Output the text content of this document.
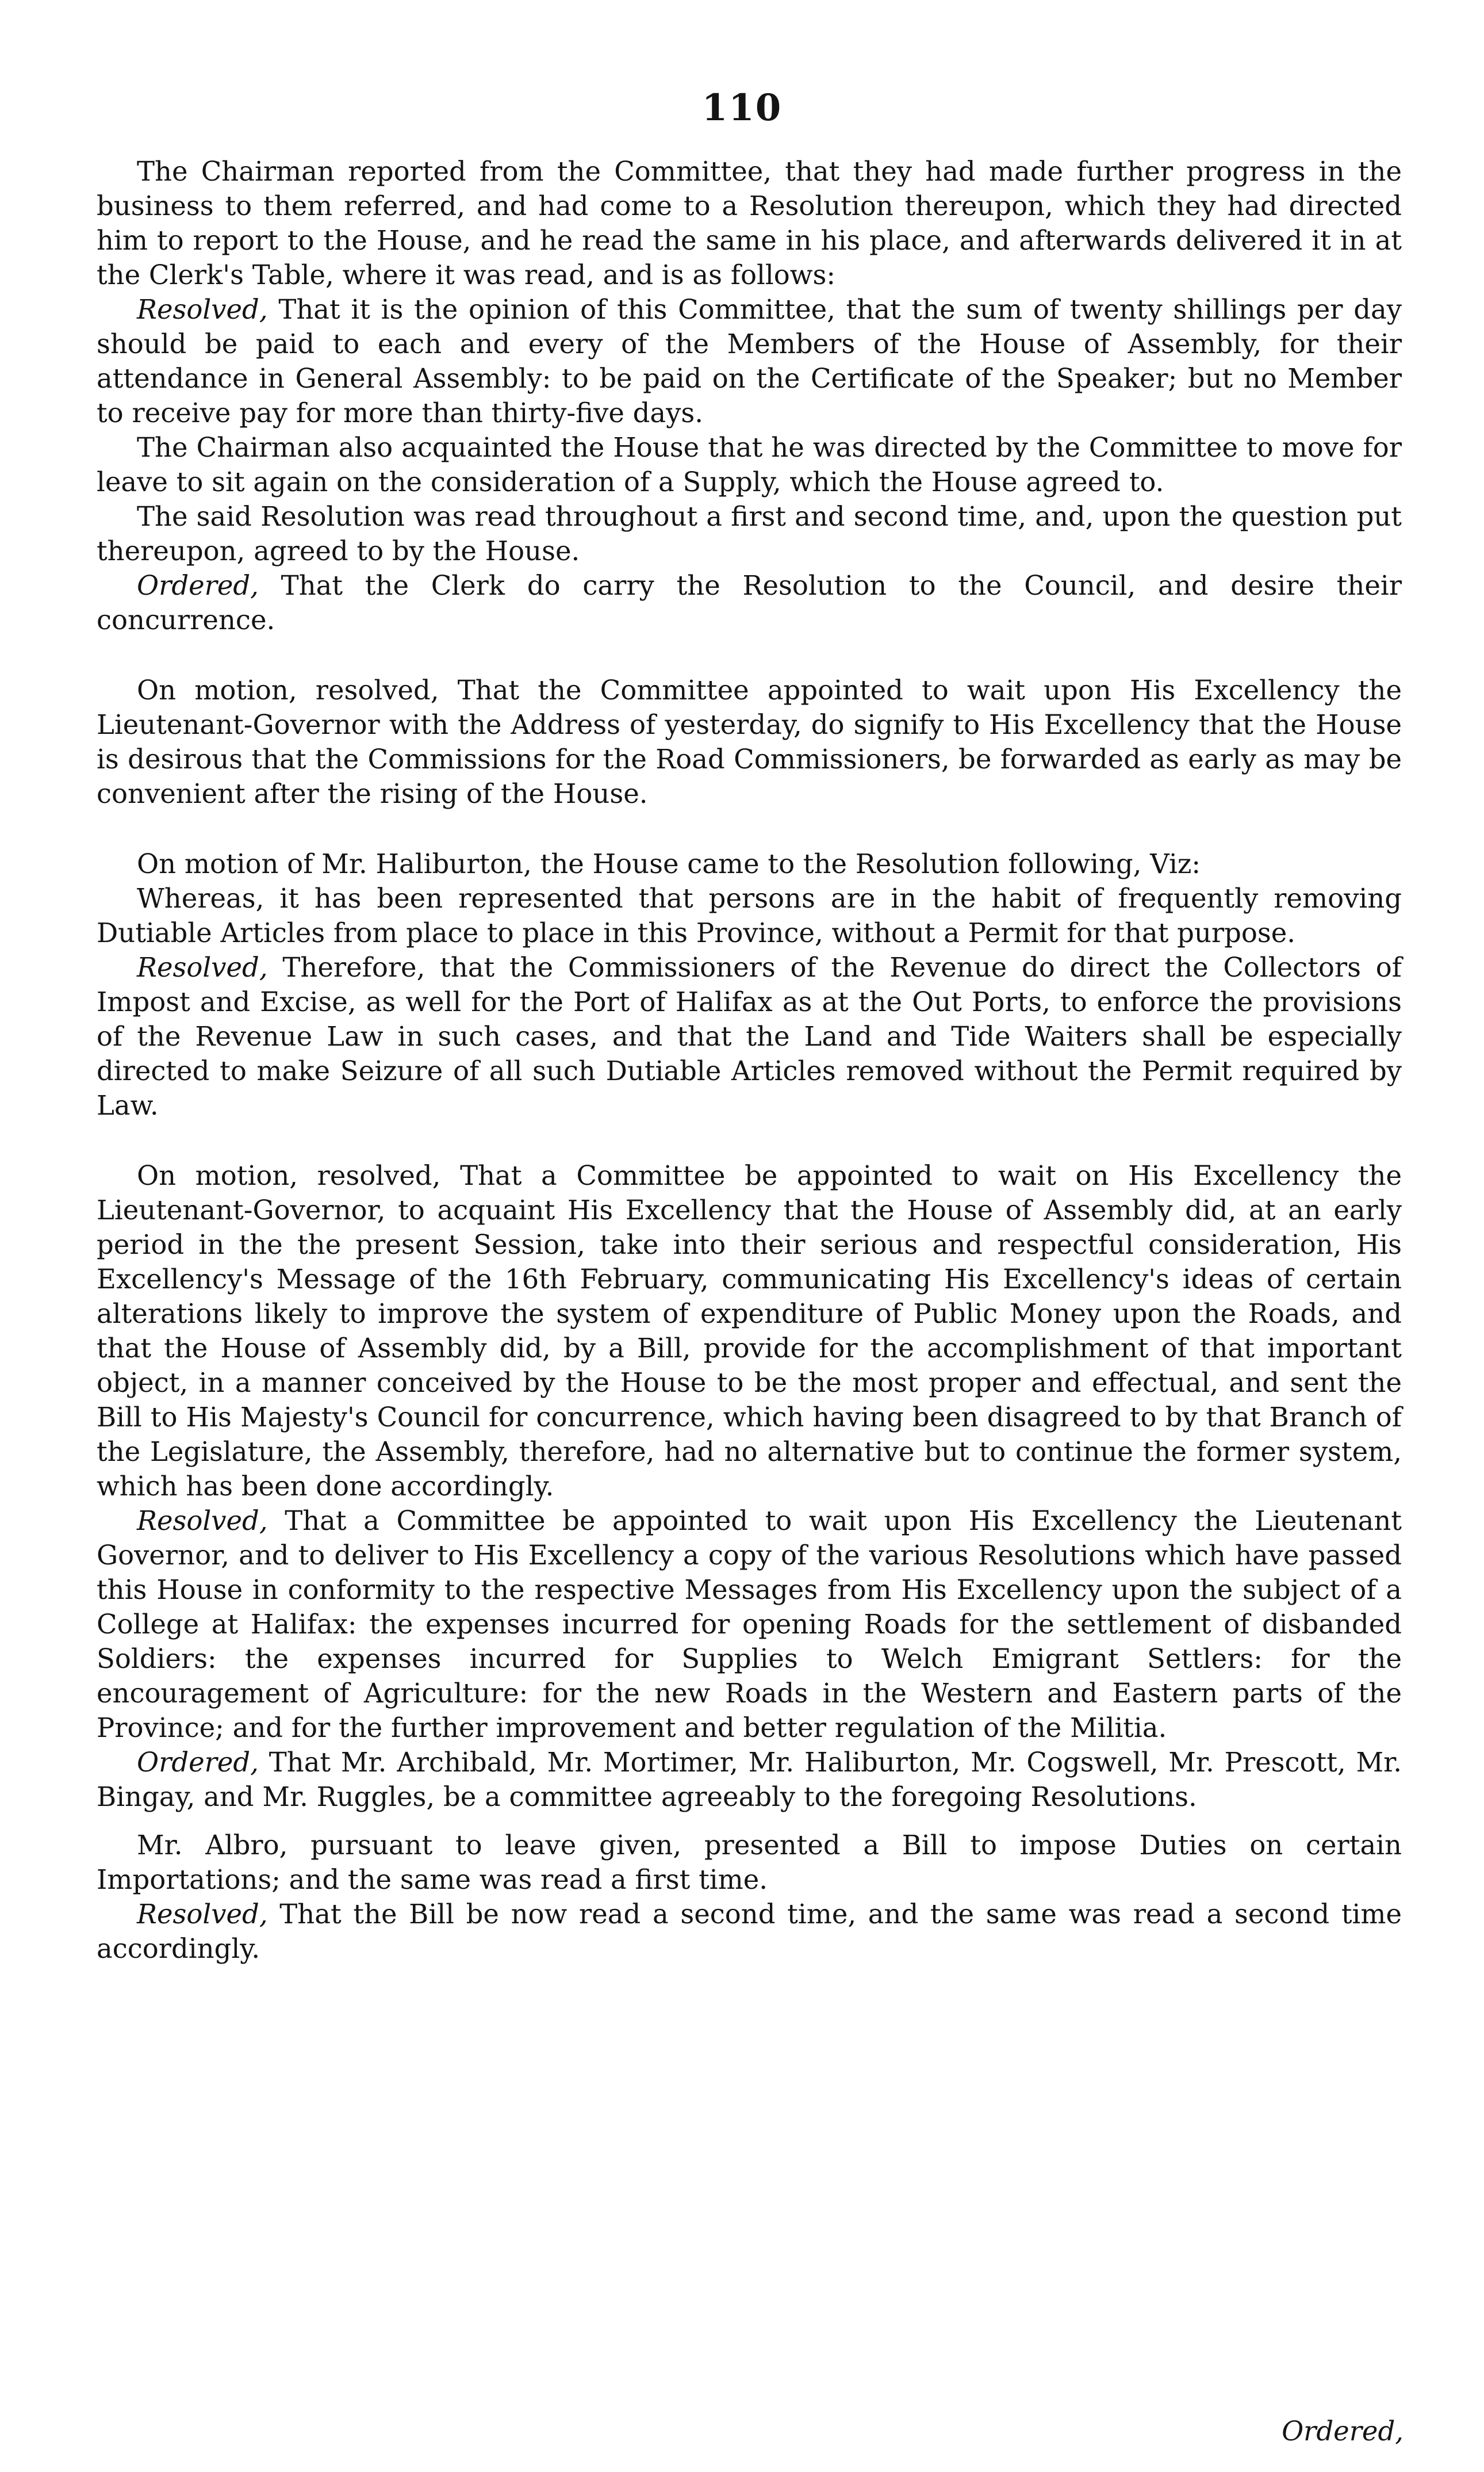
110

The Chairman reported from the Committee, that they had made further progress in the business to them referred, and had come to a Resolution thereupon, which they had directed him to report to the House, and he read the same in his place, and afterwards delivered it in at the Clerk's Table, where it was read, and is as follows:

Resolved, That it is the opinion of this Committee, that the sum of twenty shillings per day should be paid to each and every of the Members of the House of Assembly, for their attendance in General Assembly: to be paid on the Certificate of the Speaker; but no Member to receive pay for more than thirty-five days.

The Chairman also acquainted the House that he was directed by the Committee to move for leave to sit again on the consideration of a Supply, which the House agreed to.

The said Resolution was read throughout a first and second time, and, upon the question put thereupon, agreed to by the House.

Ordered, That the Clerk do carry the Resolution to the Council, and desire their concurrence.

On motion, resolved, That the Committee appointed to wait upon His Excellency the Lieutenant-Governor with the Address of yesterday, do signify to His Excellency that the House is desirous that the Commissions for the Road Commissioners, be forwarded as early as may be convenient after the rising of the House.

On motion of Mr. Haliburton, the House came to the Resolution following, Viz:

Whereas, it has been represented that persons are in the habit of frequently removing Dutiable Articles from place to place in this Province, without a Permit for that purpose.

Resolved, Therefore, that the Commissioners of the Revenue do direct the Collectors of Impost and Excise, as well for the Port of Halifax as at the Out Ports, to enforce the provisions of the Revenue Law in such cases, and that the Land and Tide Waiters shall be especially directed to make Seizure of all such Dutiable Articles removed without the Permit required by Law.

On motion, resolved, That a Committee be appointed to wait on His Excellency the Lieutenant-Governor, to acquaint His Excellency that the House of Assembly did, at an early period in the the present Session, take into their serious and respectful consideration, His Excellency's Message of the 16th February, communicating His Excellency's ideas of certain alterations likely to improve the system of expenditure of Public Money upon the Roads, and that the House of Assembly did, by a Bill, provide for the accomplishment of that important object, in a manner conceived by the House to be the most proper and effectual, and sent the Bill to His Majesty's Council for concurrence, which having been disagreed to by that Branch of the Legislature, the Assembly, therefore, had no alternative but to continue the former system, which has been done accordingly.

Resolved, That a Committee be appointed to wait upon His Excellency the Lieutenant Governor, and to deliver to His Excellency a copy of the various Resolutions which have passed this House in conformity to the respective Messages from His Excellency upon the subject of a College at Halifax: the expenses incurred for opening Roads for the settlement of disbanded Soldiers: the expenses incurred for Supplies to Welch Emigrant Settlers: for the encouragement of Agriculture: for the new Roads in the Western and Eastern parts of the Province; and for the further improvement and better regulation of the Militia.

Ordered, That Mr. Archibald, Mr. Mortimer, Mr. Haliburton, Mr. Cogswell, Mr. Prescott, Mr. Bingay, and Mr. Ruggles, be a committee agreeably to the foregoing Resolutions.

Mr. Albro, pursuant to leave given, presented a Bill to impose Duties on certain Importations; and the same was read a first time.

Resolved, That the Bill be now read a second time, and the same was read a second time accordingly.

Ordered,
